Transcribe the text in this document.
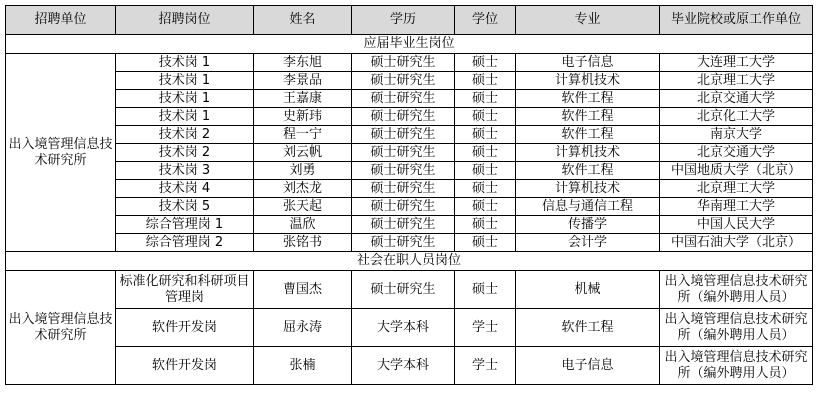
招聘单位	招聘岗位	姓名	学历	学位	专业	毕业院校或原工作单位
应届毕业生岗位						
出入境管理信息技术研究所	技术岗 1	李东旭	硕士研究生	硕士	电子信息	大连理工大学
	技术岗 1	李景品	硕士研究生	硕士	计算机技术	北京理工大学
	技术岗 1	王嘉康	硕士研究生	硕士	软件工程	北京交通大学
	技术岗 1	史新玮	硕士研究生	硕士	软件工程	北京化工大学
	技术岗 2	程一宁	硕士研究生	硕士	软件工程	南京大学
	技术岗 2	刘云帆	硕士研究生	硕士	计算机技术	北京交通大学
	技术岗 3	刘勇	硕士研究生	硕士	软件工程	中国地质大学（北京）
	技术岗 4	刘杰龙	硕士研究生	硕士	计算机技术	北京理工大学
	技术岗 5	张天起	硕士研究生	硕士	信息与通信工程	华南理工大学
	综合管理岗 1	温欣	硕士研究生	硕士	传播学	中国人民大学
	综合管理岗 2	张铭书	硕士研究生	硕士	会计学	中国石油大学（北京）
社会在职人员岗位						
出入境管理信息技术研究所	标准化研究和科研项目管理岗	曹国杰	硕士研究生	硕士	机械	出入境管理信息技术研究所（编外聘用人员）
	软件开发岗	屈永涛	大学本科	学士	软件工程	出入境管理信息技术研究所（编外聘用人员）
	软件开发岗	张楠	大学本科	学士	电子信息	出入境管理信息技术研究所（编外聘用人员）
